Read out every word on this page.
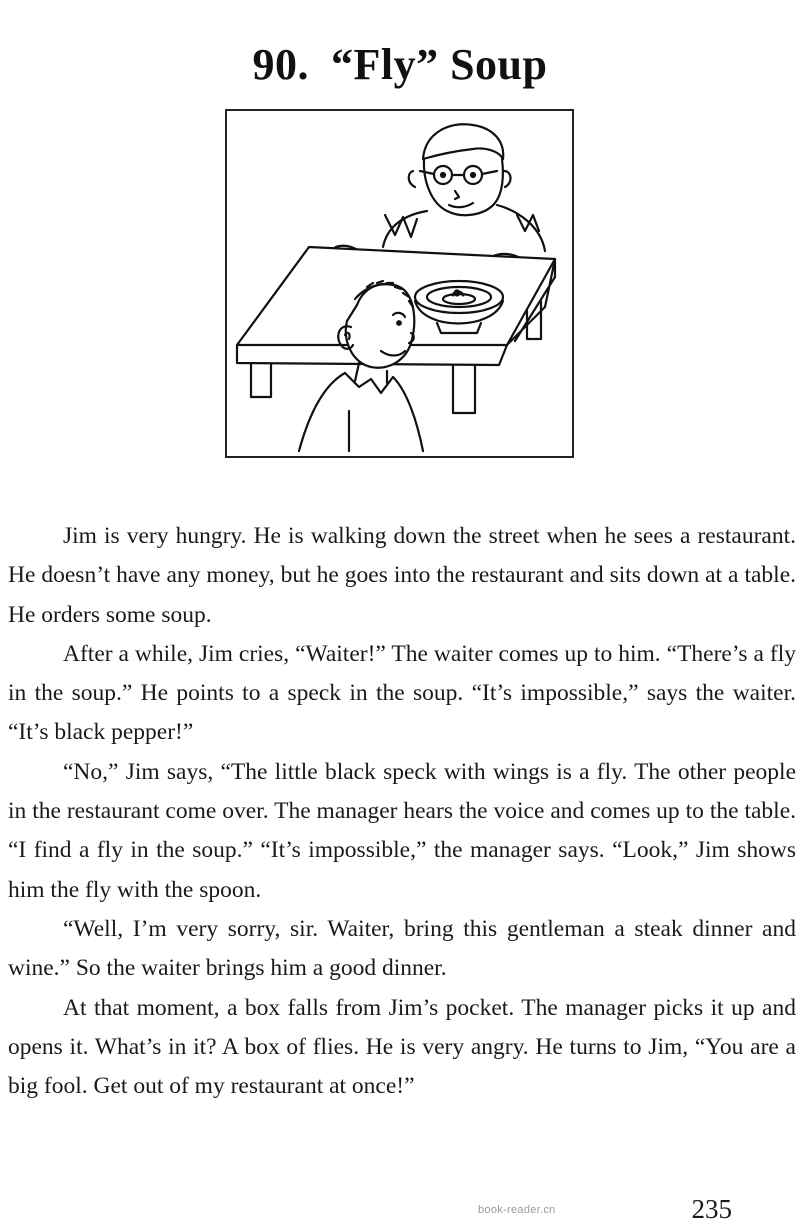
90. “Fly” Soup

Jim is very hungry. He is walking down the street when he sees a restaurant. He doesn’t have any money, but he goes into the restaurant and sits down at a table. He orders some soup.

After a while, Jim cries, “Waiter!” The waiter comes up to him. “There’s a fly in the soup.” He points to a speck in the soup. “It’s impossible,” says the waiter. “It’s black pepper!”

“No,” Jim says, “The little black speck with wings is a fly. The other people in the restaurant come over. The manager hears the voice and comes up to the table. “I find a fly in the soup.” “It’s impossible,” the manager says. “Look,” Jim shows him the fly with the spoon.

“Well, I’m very sorry, sir. Waiter, bring this gentleman a steak dinner and wine.” So the waiter brings him a good dinner.

At that moment, a box falls from Jim’s pocket. The manager picks it up and opens it. What’s in it? A box of flies. He is very angry. He turns to Jim, “You are a big fool. Get out of my restaurant at once!”

book-reader.cn	235
